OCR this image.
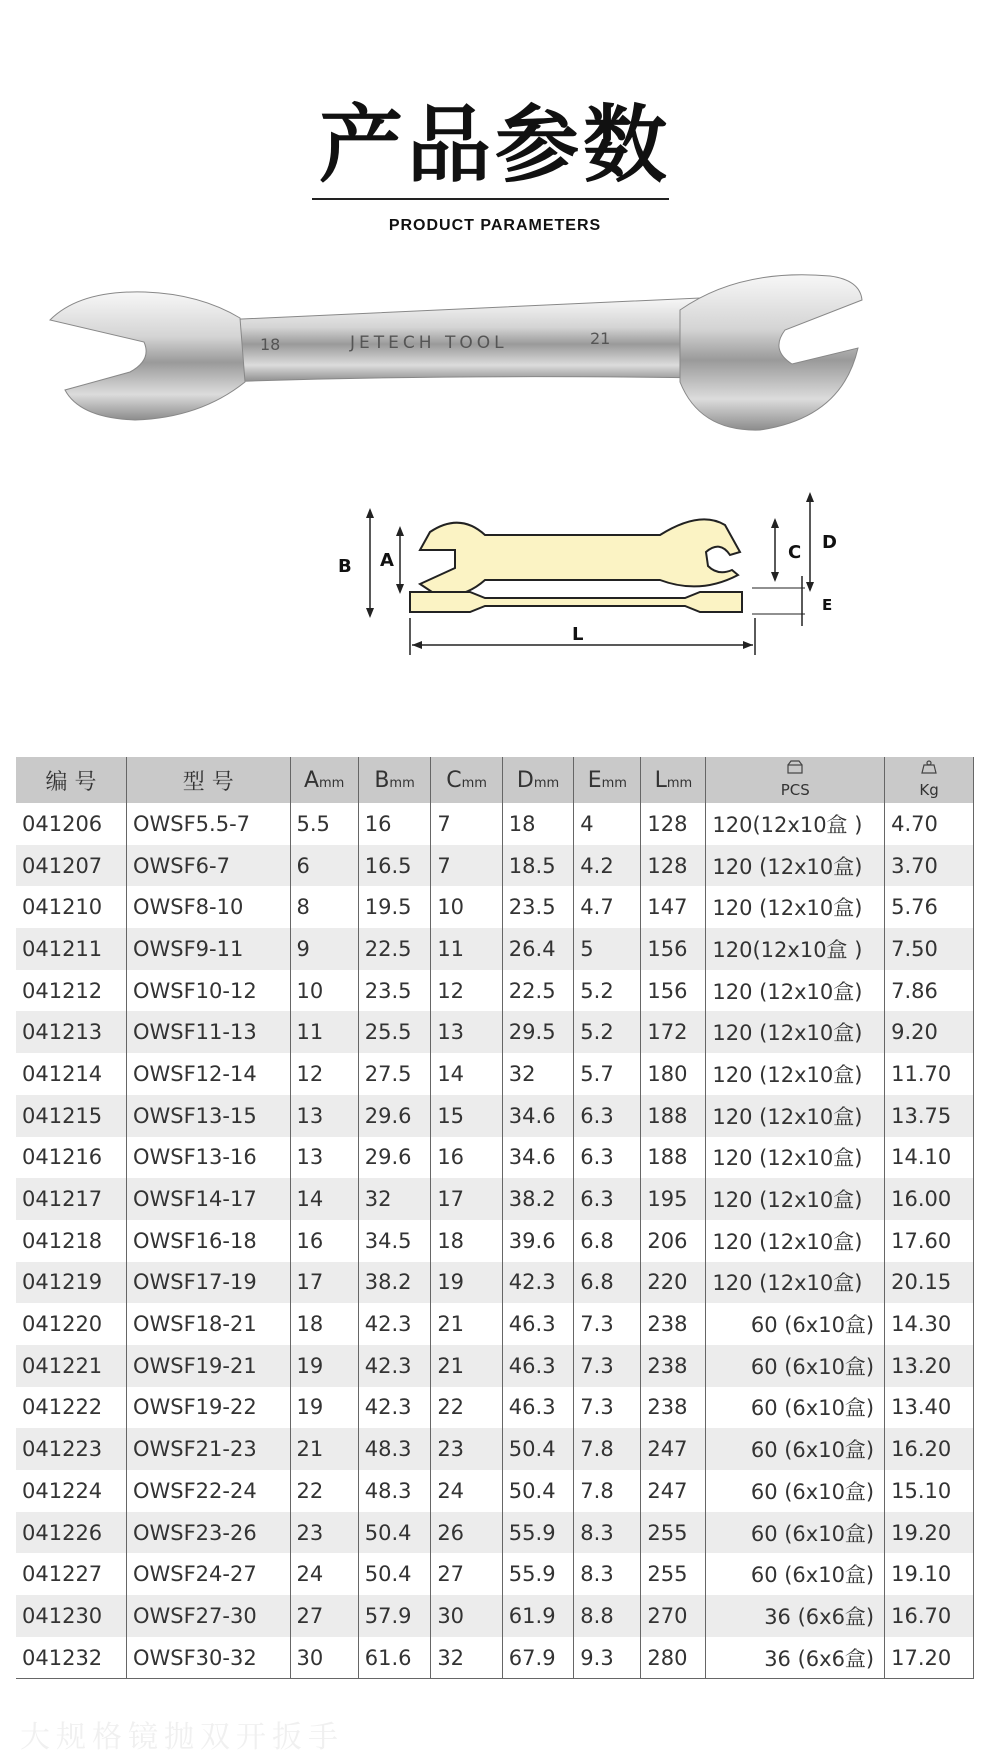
产品参数
PRODUCT PARAMETERS
18	JETECH TOOL	21
A
B
C D
E
L
编 号	型 号	Amm	Bmm	Cmm	Dmm	Emm	Lmm	PCS	Kg
041206	OWSF5.5-7	5.5	16	7	18	4	128	120(12x10盒 )	4.70
041207	OWSF6-7	6	16.5	7	18.5	4.2	128	120 (12x10盒)	3.70
041210	OWSF8-10	8	19.5	10	23.5	4.7	147	120 (12x10盒)	5.76
041211	OWSF9-11	9	22.5	11	26.4	5	156	120(12x10盒 )	7.50
041212	OWSF10-12	10	23.5	12	22.5	5.2	156	120 (12x10盒)	7.86
041213	OWSF11-13	11	25.5	13	29.5	5.2	172	120 (12x10盒)	9.20
041214	OWSF12-14	12	27.5	14	32	5.7	180	120 (12x10盒)	11.70
041215	OWSF13-15	13	29.6	15	34.6	6.3	188	120 (12x10盒)	13.75
041216	OWSF13-16	13	29.6	16	34.6	6.3	188	120 (12x10盒)	14.10
041217	OWSF14-17	14	32	17	38.2	6.3	195	120 (12x10盒)	16.00
041218	OWSF16-18	16	34.5	18	39.6	6.8	206	120 (12x10盒)	17.60
041219	OWSF17-19	17	38.2	19	42.3	6.8	220	120 (12x10盒)	20.15
041220	OWSF18-21	18	42.3	21	46.3	7.3	238	60 (6x10盒)	14.30
041221	OWSF19-21	19	42.3	21	46.3	7.3	238	60 (6x10盒)	13.20
041222	OWSF19-22	19	42.3	22	46.3	7.3	238	60 (6x10盒)	13.40
041223	OWSF21-23	21	48.3	23	50.4	7.8	247	60 (6x10盒)	16.20
041224	OWSF22-24	22	48.3	24	50.4	7.8	247	60 (6x10盒)	15.10
041226	OWSF23-26	23	50.4	26	55.9	8.3	255	60 (6x10盒)	19.20
041227	OWSF24-27	24	50.4	27	55.9	8.3	255	60 (6x10盒)	19.10
041230	OWSF27-30	27	57.9	30	61.9	8.8	270	36 (6x6盒)	16.70
041232	OWSF30-32	30	61.6	32	67.9	9.3	280	36 (6x6盒)	17.20
大规格镜抛双开扳手
